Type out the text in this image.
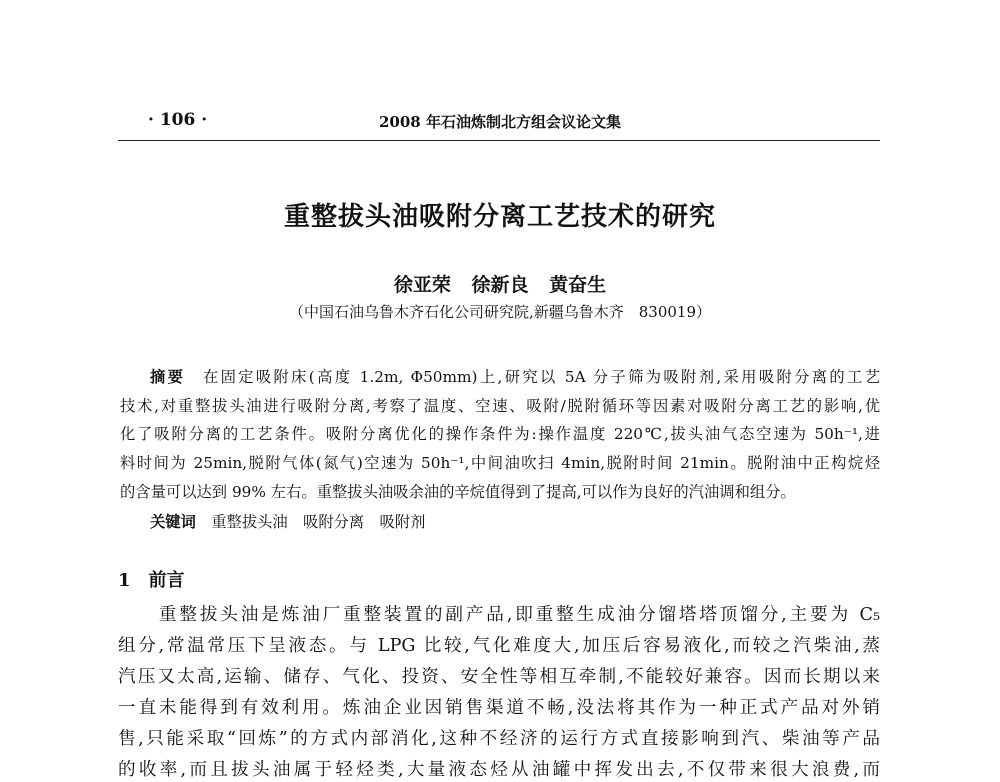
· 106 ·	2008 年石油炼制北方组会议论文集
重整拔头油吸附分离工艺技术的研究
徐亚荣 徐新良 黄奋生
（中国石油乌鲁木齐石化公司研究院,新疆乌鲁木齐　830019）
摘要　 在固定吸附床(高度 1.2m, Φ50mm)上,研究以 5A 分子筛为吸附剂,采用吸附分离的工艺
技术,对重整拔头油进行吸附分离,考察了温度、空速、吸附/脱附循环等因素对吸附分离工艺的影响,优
化了吸附分离的工艺条件。吸附分离优化的操作条件为:操作温度 220℃,拔头油气态空速为 50h⁻¹,进
料时间为 25min,脱附气体(氮气)空速为 50h⁻¹,中间油吹扫 4min,脱附时间 21min。脱附油中正构烷烃
的含量可以达到 99% 左右。重整拔头油吸余油的辛烷值得到了提高,可以作为良好的汽油调和组分。
关键词　 重整拔头油　 吸附分离　 吸附剂
1　 前言
　　重整拔头油是炼油厂重整装置的副产品,即重整生成油分馏塔塔顶馏分,主要为 C₅
组分,常温常压下呈液态。与 LPG 比较,气化难度大,加压后容易液化,而较之汽柴油,蒸
汽压又太高,运输、储存、气化、投资、安全性等相互牵制,不能较好兼容。因而长期以来
一直未能得到有效利用。炼油企业因销售渠道不畅,没法将其作为一种正式产品对外销
售,只能采取“回炼”的方式内部消化,这种不经济的运行方式直接影响到汽、柴油等产品
的收率,而且拔头油属于轻烃类,大量液态烃从油罐中挥发出去,不仅带来很大浪费,而
